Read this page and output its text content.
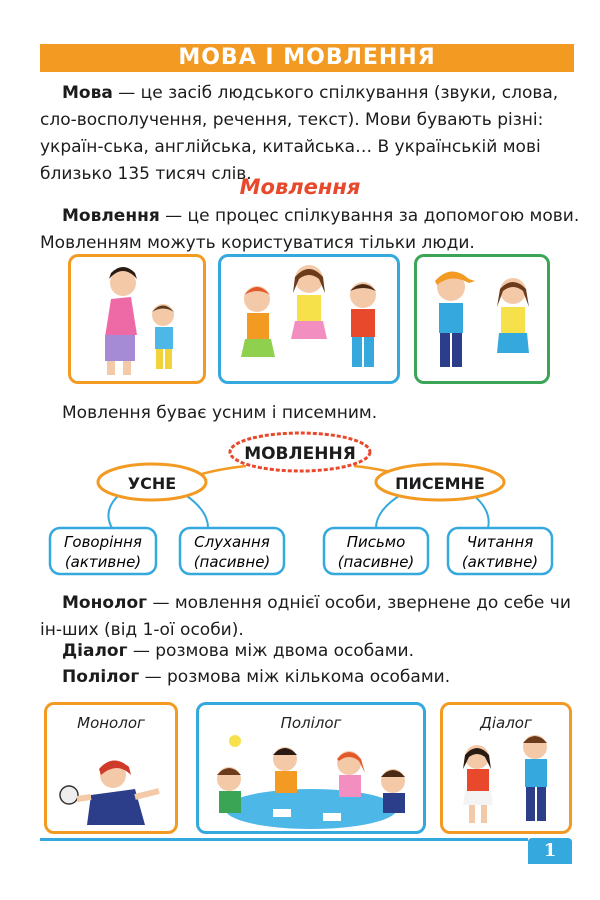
МОВА І МОВЛЕННЯ

Мова — це засіб людського спілкування (звуки, слова, сло-восполучення, речення, текст). Мови бувають різні: україн-ська, англійська, китайська… В українській мові близько 135 тисяч слів.

Мовлення

Мовлення — це процес спілкування за допомогою мови. Мовленням можуть користуватися тільки люди.

Мовлення буває усним і писемним.

МОВЛЕННЯ
УСНЕ	ПИСЕМНЕ
Говоріння
(активне)
Слухання
(пасивне)
Письмо
(пасивне)
Читання
(активне)

Монолог — мовлення однієї особи, звернене до себе чи ін-ших (від 1-ої особи).

Діалог — розмова між двома особами.

Полілог — розмова між кількома особами.

Монолог	Полілог	Діалог
1
